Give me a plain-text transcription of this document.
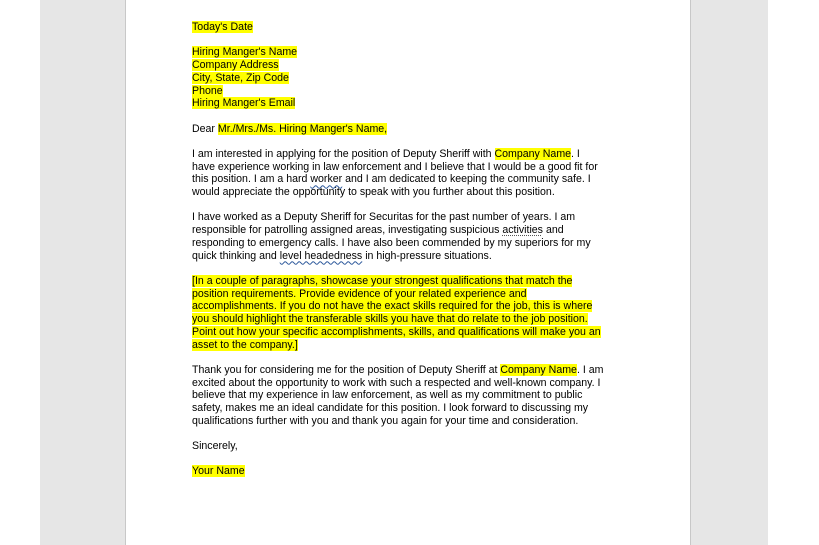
Today's Date
Hiring Manger's Name
Company Address
City, State, Zip Code
Phone
Hiring Manger's Email
Dear Mr./Mrs./Ms. Hiring Manger's Name,
I am interested in applying for the position of Deputy Sheriff with Company Name. I
have experience working in law enforcement and I believe that I would be a good fit for
this position. I am a hard worker and I am dedicated to keeping the community safe. I
would appreciate the opportunity to speak with you further about this position.
I have worked as a Deputy Sheriff for Securitas for the past number of years. I am
responsible for patrolling assigned areas, investigating suspicious activities and
responding to emergency calls. I have also been commended by my superiors for my
quick thinking and level headedness in high-pressure situations.
[In a couple of paragraphs, showcase your strongest qualifications that match the
position requirements. Provide evidence of your related experience and
accomplishments. If you do not have the exact skills required for the job, this is where
you should highlight the transferable skills you have that do relate to the job position.
Point out how your specific accomplishments, skills, and qualifications will make you an
asset to the company.]
Thank you for considering me for the position of Deputy Sheriff at Company Name. I am
excited about the opportunity to work with such a respected and well-known company. I
believe that my experience in law enforcement, as well as my commitment to public
safety, makes me an ideal candidate for this position. I look forward to discussing my
qualifications further with you and thank you again for your time and consideration.
Sincerely,
Your Name
